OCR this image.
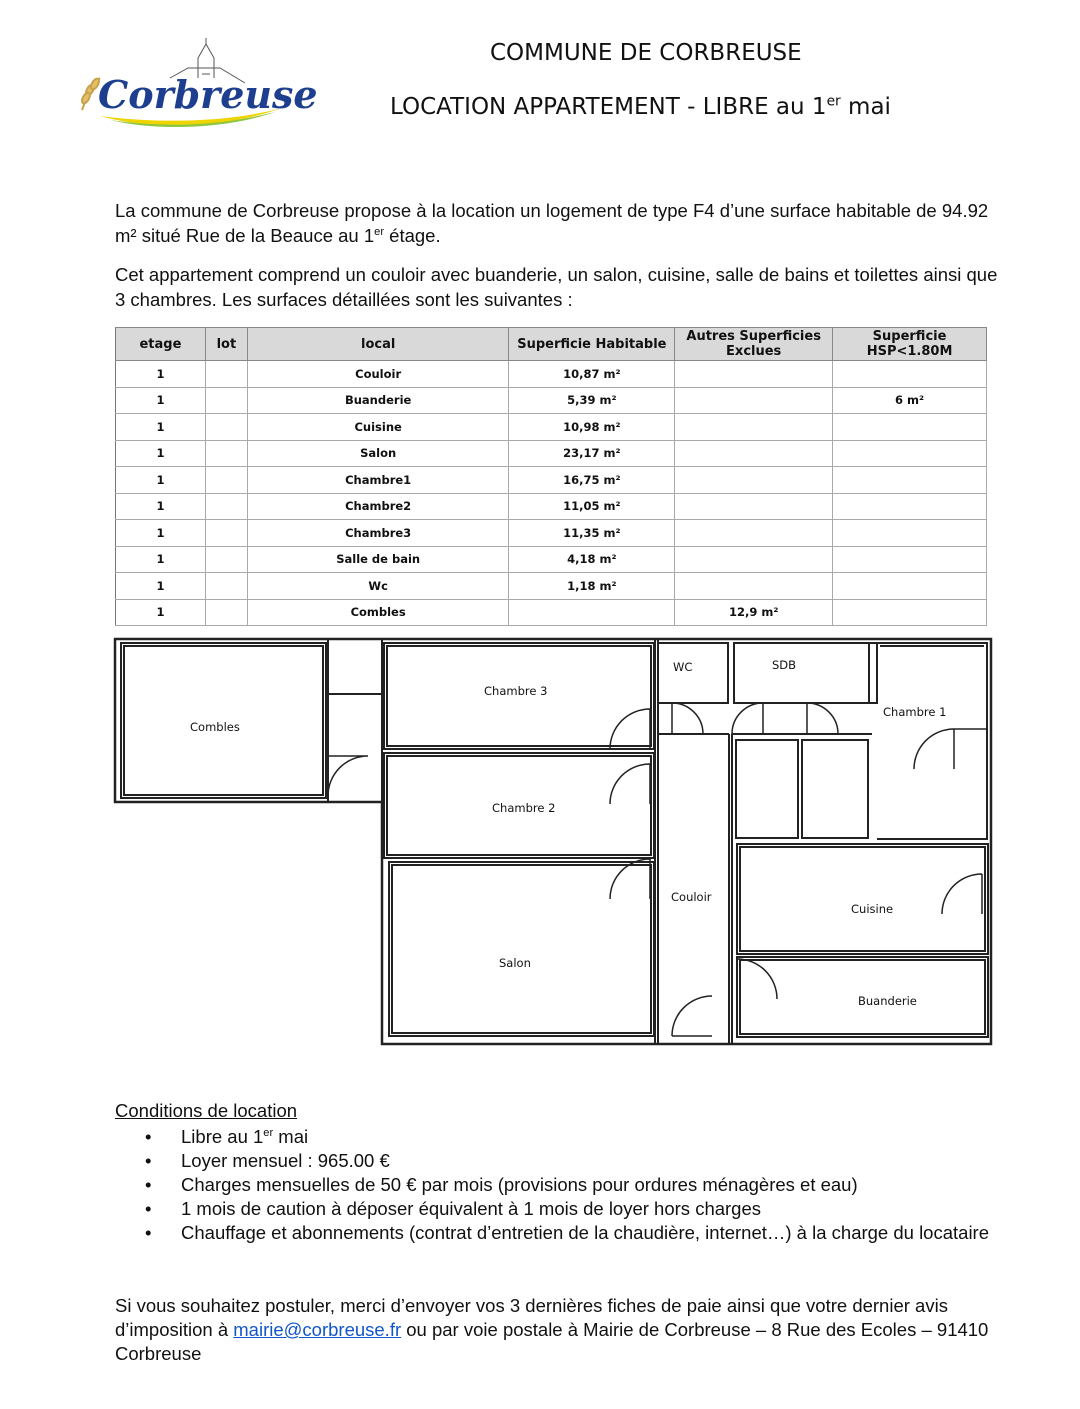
Corbreuse
COMMUNE DE CORBREUSE
LOCATION APPARTEMENT - LIBRE au 1er mai
La commune de Corbreuse propose à la location un logement de type F4 d’une surface habitable de 94.92 m² situé Rue de la Beauce au 1er étage.
Cet appartement comprend un couloir avec buanderie, un salon, cuisine, salle de bains et toilettes ainsi que 3 chambres. Les surfaces détaillées sont les suivantes :
etage	lot	local	Superficie Habitable	Autres Superficies Exclues	Superficie HSP<1.80M
1		Couloir	10,87 m²		
1		Buanderie	5,39 m²		6 m²
1		Cuisine	10,98 m²		
1		Salon	23,17 m²		
1		Chambre1	16,75 m²		
1		Chambre2	11,05 m²		
1		Chambre3	11,35 m²		
1		Salle de bain	4,18 m²		
1		Wc	1,18 m²		
1		Combles		12,9 m²	
Combles
Chambre 3
Chambre 2
Salon
WC	SDB
Chambre 1
Couloir
Cuisine
Buanderie
Conditions de location
• Libre au 1er mai
• Loyer mensuel : 965.00 €
• Charges mensuelles de 50 € par mois (provisions pour ordures ménagères et eau)
• 1 mois de caution à déposer équivalent à 1 mois de loyer hors charges
• Chauffage et abonnements (contrat d’entretien de la chaudière, internet…) à la charge du locataire
Si vous souhaitez postuler, merci d’envoyer vos 3 dernières fiches de paie ainsi que votre dernier avis d’imposition à mairie@corbreuse.fr ou par voie postale à Mairie de Corbreuse – 8 Rue des Ecoles – 91410 Corbreuse
